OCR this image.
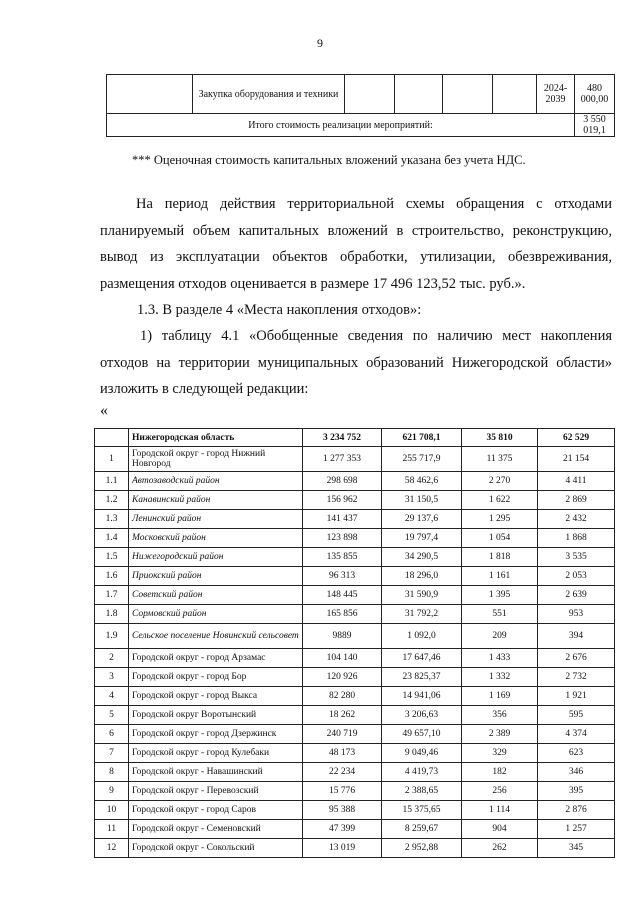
9
	Закупка оборудования и техники					2024-2039	480 000,00
Итого стоимость реализации мероприятий:							3 550 019,1
*** Оценочная стоимость капитальных вложений указана без учета НДС.
На период действия территориальной схемы обращения с отходами
планируемый объем капитальных вложений в строительство, реконструкцию,
вывод из эксплуатации объектов обработки, утилизации, обезвреживания,
размещения отходов оценивается в размере 17 496 123,52 тыс. руб.».
1.3. В разделе 4 «Места накопления отходов»:
1) таблицу 4.1 «Обобщенные сведения по наличию мест накопления
отходов на территории муниципальных образований Нижегородской области»
изложить в следующей редакции:
«
	Нижегородская область	3 234 752	621 708,1	35 810	62 529
1	Городской округ - город Нижний Новгород	1 277 353	255 717,9	11 375	21 154
1.1	Автозаводский район	298 698	58 462,6	2 270	4 411
1.2	Канавинский район	156 962	31 150,5	1 622	2 869
1.3	Ленинский район	141 437	29 137,6	1 295	2 432
1.4	Московский район	123 898	19 797,4	1 054	1 868
1.5	Нижегородский район	135 855	34 290,5	1 818	3 535
1.6	Приокский район	96 313	18 296,0	1 161	2 053
1.7	Советский район	148 445	31 590,9	1 395	2 639
1.8	Сормовский район	165 856	31 792,2	551	953
1.9	Сельское поселение Новинский сельсовет	9889	1 092,0	209	394
2	Городской округ - город Арзамас	104 140	17 647,46	1 433	2 676
3	Городской округ - город Бор	120 926	23 825,37	1 332	2 732
4	Городской округ - город Выкса	82 280	14 941,06	1 169	1 921
5	Городской округ Воротынский	18 262	3 206,63	356	595
6	Городской округ - город Дзержинск	240 719	49 657,10	2 389	4 374
7	Городской округ - город Кулебаки	48 173	9 049,46	329	623
8	Городской округ - Навашинский	22 234	4 419,73	182	346
9	Городской округ - Перевозский	15 776	2 388,65	256	395
10	Городской округ - город Саров	95 388	15 375,65	1 114	2 876
11	Городской округ - Семеновский	47 399	8 259,67	904	1 257
12	Городской округ - Сокольский	13 019	2 952,88	262	345
